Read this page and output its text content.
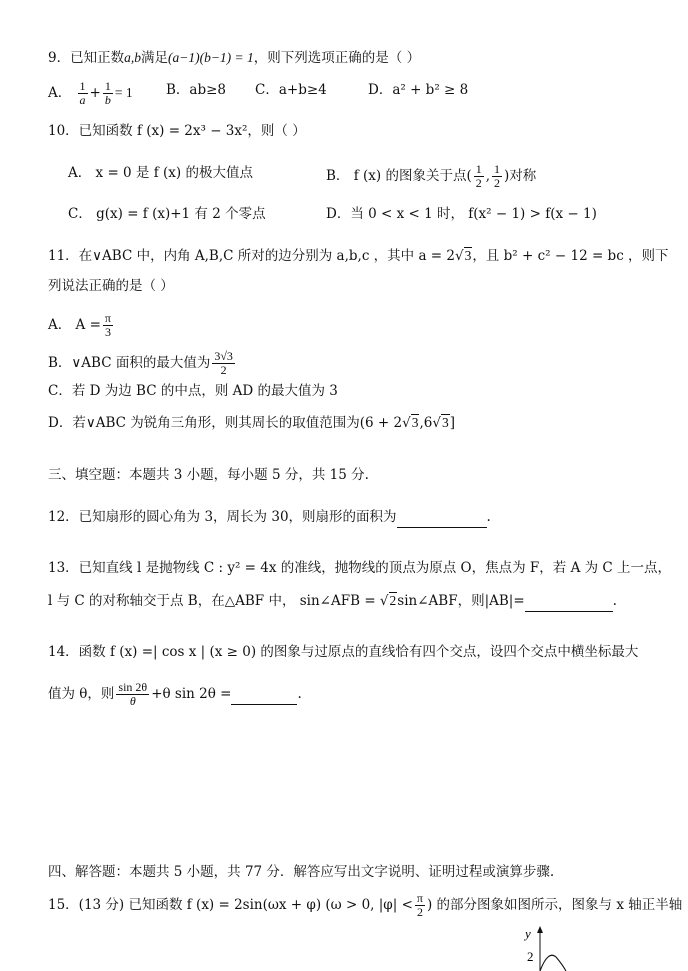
9．已知正数a,b满足(a−1)(b−1) = 1，则下列选项正确的是（ ）
A． $\frac{1}{a} + \frac{1}{b} = 1$ B．ab≥8 C．a+b≥4	D．a² + b² ≥ 8
10．已知函数 f (x) = 2x³ − 3x²，则（ ）
A． x = 0 是 f (x) 的极大值点	B． f (x) 的图象关于点( $\frac{1}{2}$ , $\frac{1}{2}$ )对称
C． g(x) = f (x)+1 有 2 个零点	D．当 0 < x < 1 时， f(x² − 1) > f(x − 1)
11．在∨ABC 中，内角 A,B,C 所对的边分别为 a,b,c ，其中 a = 2√3，且 b² + c² − 12 = bc ，则下
列说法正确的是（ ）
A． $A = \frac{\pi}{3}$
B．∨ABC 面积的最大值为 $\frac{3√3}{2}$
C．若 D 为边 BC 的中点，则 AD 的最大值为 3
D．若∨ABC 为锐角三角形，则其周长的取值范围为(6 + 2√3,6√3]
三、填空题：本题共 3 小题，每小题 5 分，共 15 分.
12．已知扇形的圆心角为 3，周长为 30，则扇形的面积为	.
13．已知直线 l 是抛物线 C : y² = 4x 的准线，抛物线的顶点为原点 O，焦点为 F，若 A 为 C 上一点，
l 与 C 的对称轴交于点 B，在△ABF 中， sin∠AFB = √2sin∠ABF，则|AB|=	.
14．函数 f (x) =| cos x | (x ≥ 0) 的图象与过原点的直线恰有四个交点，设四个交点中横坐标最大
值为 θ，则 $\frac{\sin 2\theta}{\theta} +\theta$ sin 2θ =	.
四、解答题：本题共 5 小题，共 77 分．解答应写出文字说明、证明过程或演算步骤.
15．(13 分) 已知函数 f (x) = 2sin(ωx + φ) (ω > 0, $|\varphi| < \frac{\pi}{2}$ ) 的部分图象如图所示，图象与 x 轴正半轴
y
2
